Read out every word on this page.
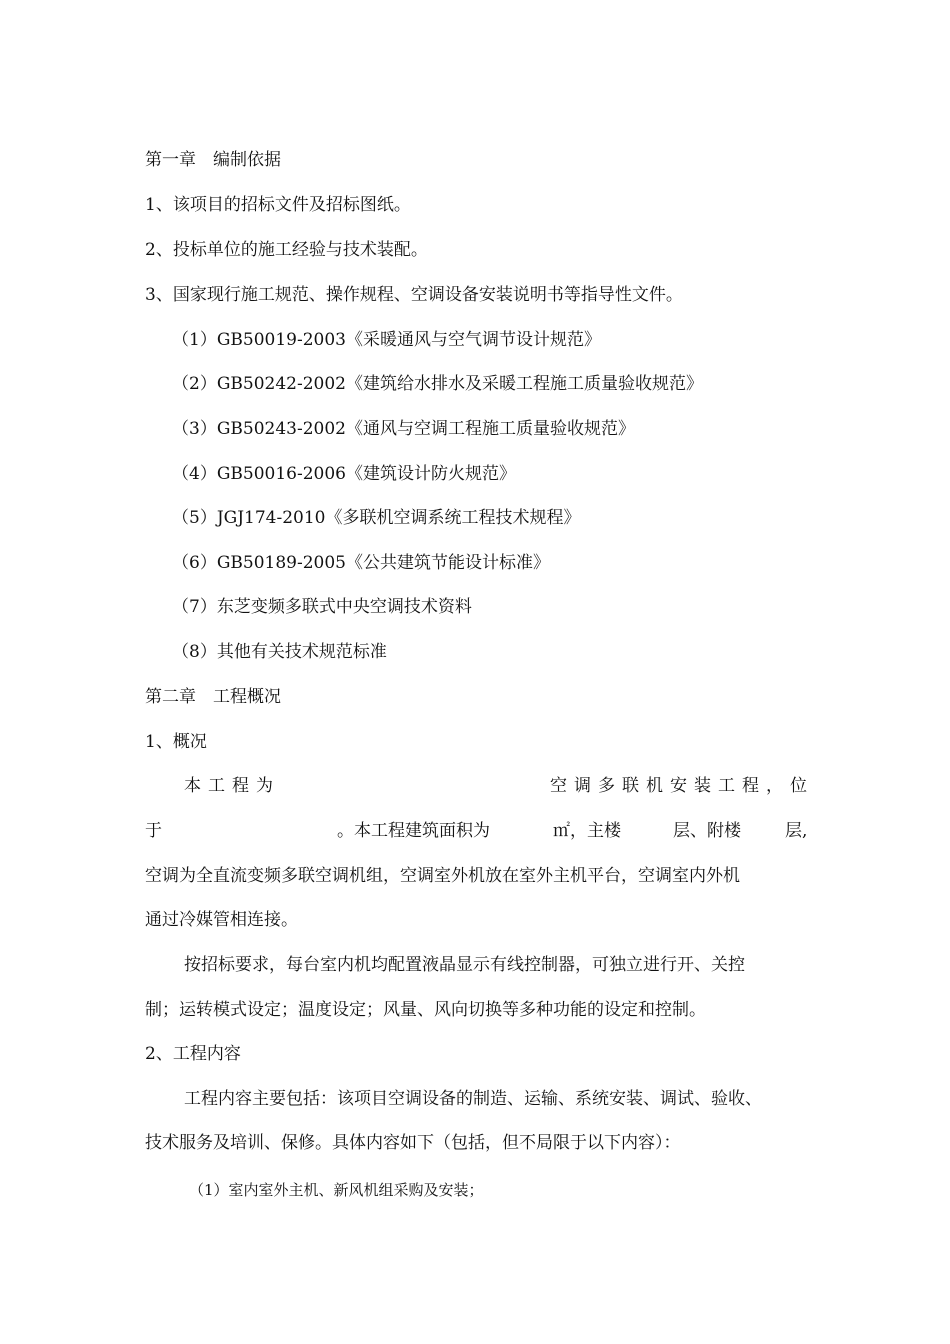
第一章　编制依据
1、该项目的招标文件及招标图纸。
2、投标单位的施工经验与技术装配。
3、国家现行施工规范、操作规程、空调设备安装说明书等指导性文件。
（1）GB50019-2003《采暖通风与空气调节设计规范》
（2）GB50242-2002《建筑给水排水及采暖工程施工质量验收规范》
（3）GB50243-2002《通风与空调工程施工质量验收规范》
（4）GB50016-2006《建筑设计防火规范》
（5）JGJ174-2010《多联机空调系统工程技术规程》
（6）GB50189-2005《公共建筑节能设计标准》
（7）东芝变频多联式中央空调技术资料
（8）其他有关技术规范标准
第二章　工程概况
1、概况
本工程为	空调多联机安装工程，位
于	。本工程建筑面积为	㎡，主楼	层、附楼	层,
空调为全直流变频多联空调机组，空调室外机放在室外主机平台，空调室内外机
通过冷媒管相连接。
按招标要求，每台室内机均配置液晶显示有线控制器，可独立进行开、关控
制；运转模式设定；温度设定；风量、风向切换等多种功能的设定和控制。
2、工程内容
工程内容主要包括：该项目空调设备的制造、运输、系统安装、调试、验收、
技术服务及培训、保修。具体内容如下（包括，但不局限于以下内容）：
（1）室内室外主机、新风机组采购及安装；
